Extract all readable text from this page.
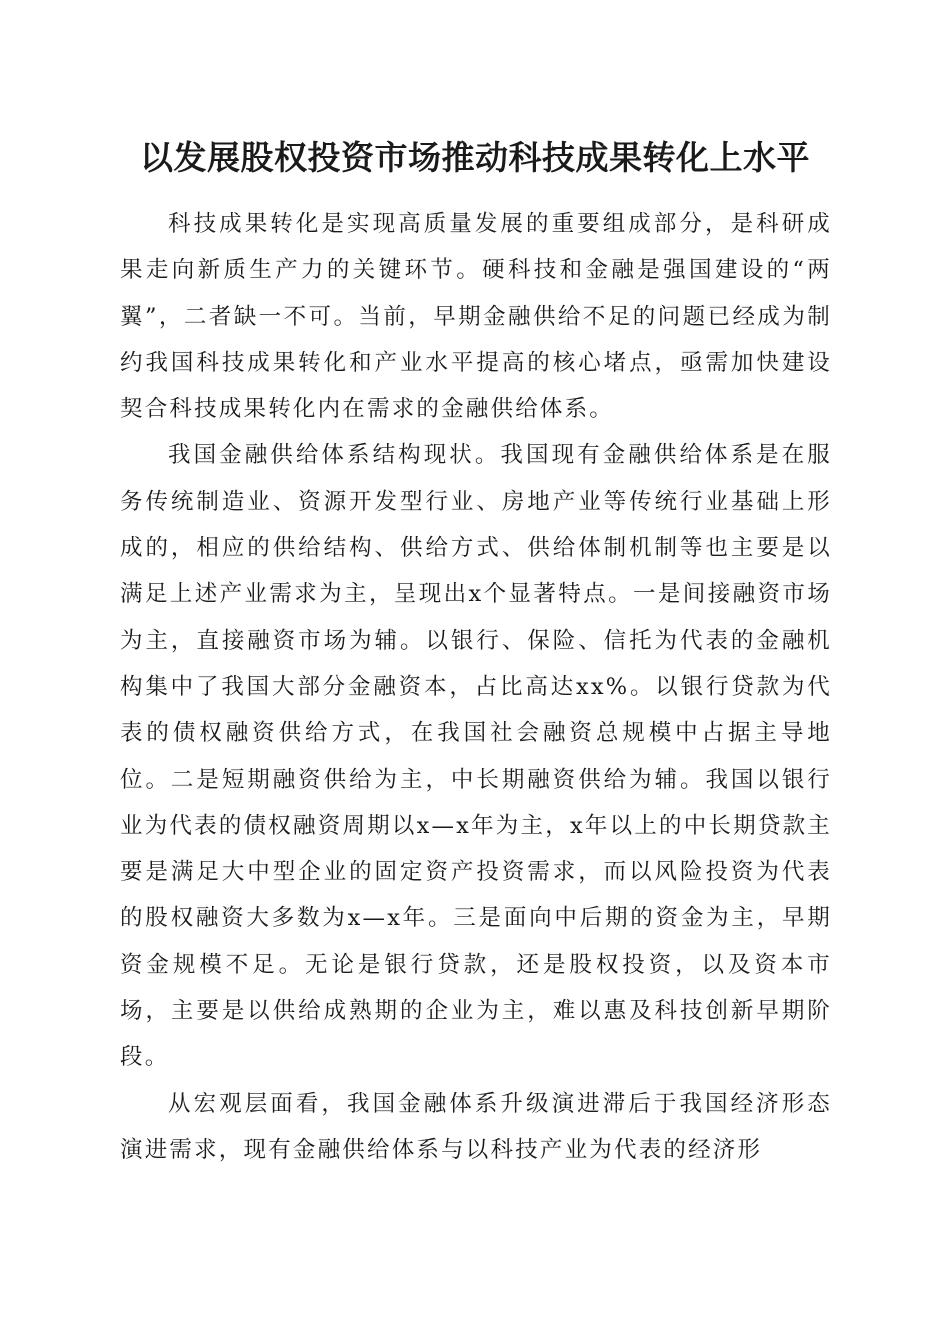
以发展股权投资市场推动科技成果转化上水平

科技成果转化是实现高质量发展的重要组成部分，是科研成果走向新质生产力的关键环节。硬科技和金融是强国建设的“两翼”，二者缺一不可。当前，早期金融供给不足的问题已经成为制约我国科技成果转化和产业水平提高的核心堵点，亟需加快建设契合科技成果转化内在需求的金融供给体系。

我国金融供给体系结构现状。我国现有金融供给体系是在服务传统制造业、资源开发型行业、房地产业等传统行业基础上形成的，相应的供给结构、供给方式、供给体制机制等也主要是以满足上述产业需求为主，呈现出x个显著特点。一是间接融资市场为主，直接融资市场为辅。以银行、保险、信托为代表的金融机构集中了我国大部分金融资本，占比高达xx%。以银行贷款为代表的债权融资供给方式，在我国社会融资总规模中占据主导地位。二是短期融资供给为主，中长期融资供给为辅。我国以银行业为代表的债权融资周期以x—x年为主，x年以上的中长期贷款主要是满足大中型企业的固定资产投资需求，而以风险投资为代表的股权融资大多数为x—x年。三是面向中后期的资金为主，早期资金规模不足。无论是银行贷款，还是股权投资，以及资本市场，主要是以供给成熟期的企业为主，难以惠及科技创新早期阶段。

从宏观层面看，我国金融体系升级演进滞后于我国经济形态演进需求，现有金融供给体系与以科技产业为代表的经济形
